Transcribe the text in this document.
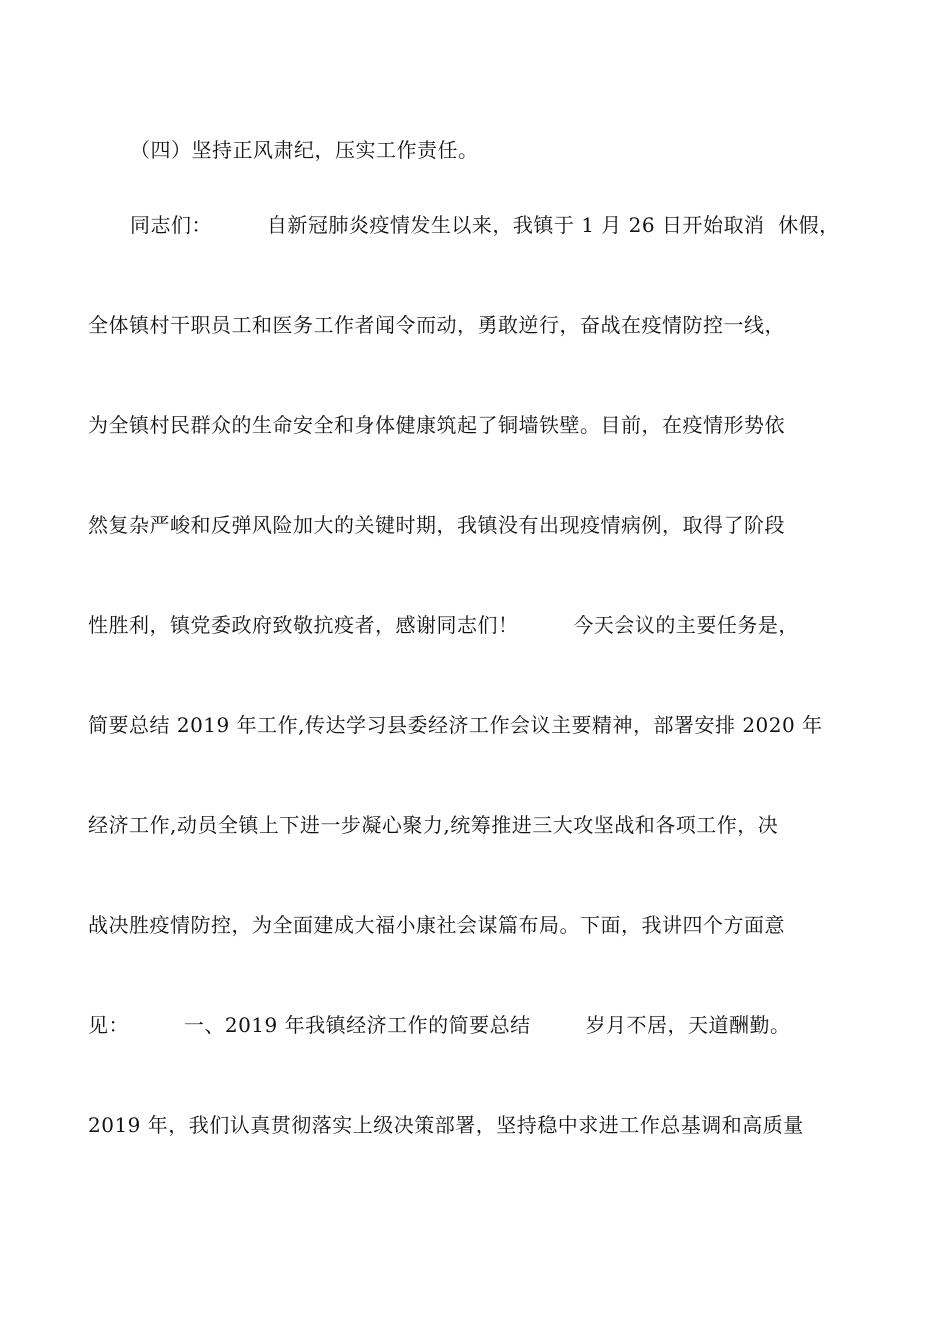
（四）坚持正风肃纪，压实工作责任。
同志们：        自新冠肺炎疫情发生以来，我镇于 1 月 26 日开始取消  休假，
全体镇村干职员工和医务工作者闻令而动，勇敢逆行，奋战在疫情防控一线，
为全镇村民群众的生命安全和身体健康筑起了铜墙铁壁。目前，在疫情形势依
然复杂严峻和反弹风险加大的关键时期，我镇没有出现疫情病例，取得了阶段
性胜利，镇党委政府致敬抗疫者，感谢同志们！        今天会议的主要任务是，
简要总结 2019 年工作,传达学习县委经济工作会议主要精神，部署安排 2020 年
经济工作,动员全镇上下进一步凝心聚力,统筹推进三大攻坚战和各项工作，决
战决胜疫情防控，为全面建成大福小康社会谋篇布局。下面，我讲四个方面意
见：        一、2019 年我镇经济工作的简要总结        岁月不居，天道酬勤。
2019 年，我们认真贯彻落实上级决策部署，坚持稳中求进工作总基调和高质量
